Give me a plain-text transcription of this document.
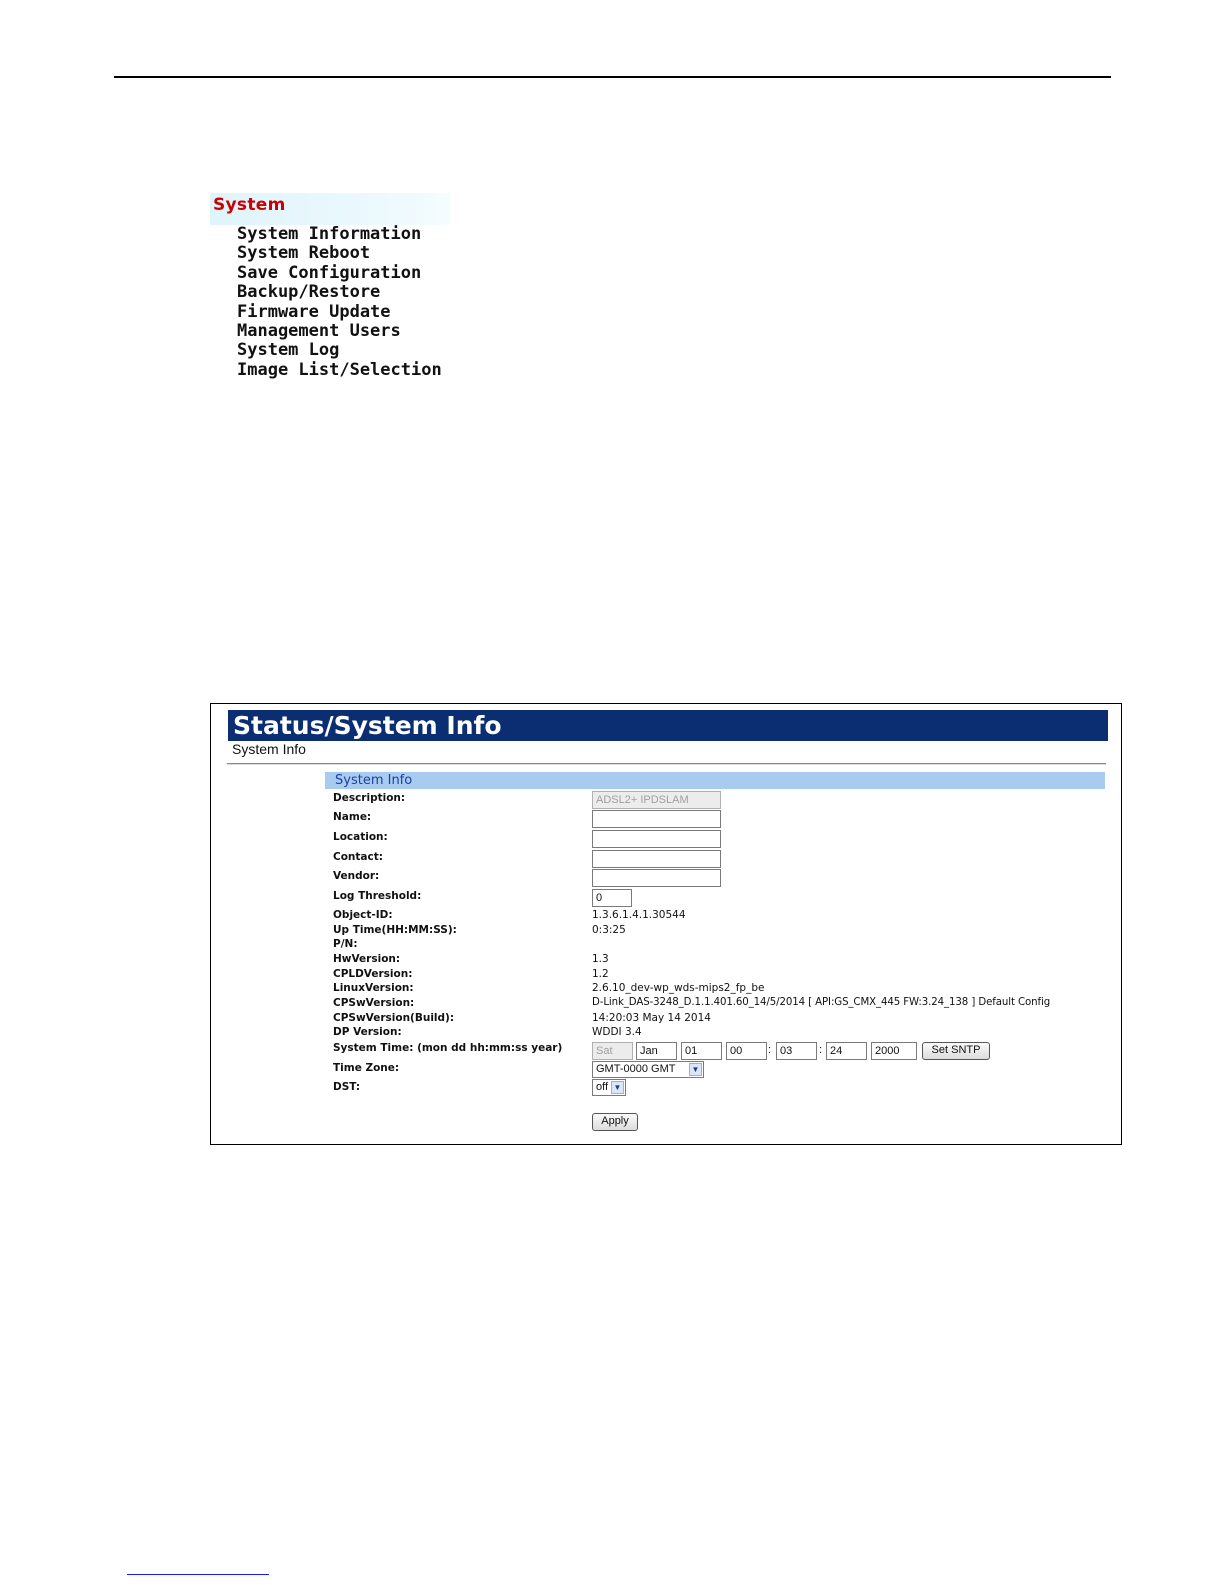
System
System Information
System Reboot
Save Configuration
Backup/Restore
Firmware Update
Management Users
System Log
Image List/Selection
Status/System Info
System Info
System Info
Description:	ADSL2+ IPDSLAM
Name:
Location:
Contact:
Vendor:
Log Threshold:	0
Object-ID:	1.3.6.1.4.1.30544
Up Time(HH:MM:SS):	0:3:25
P/N:
HwVersion:	1.3
CPLDVersion:	1.2
LinuxVersion:	2.6.10_dev-wp_wds-mips2_fp_be
CPSwVersion:	D-Link_DAS-3248_D.1.1.401.60_14/5/2014 [ API:GS_CMX_445 FW:3.24_138 ] Default Config
CPSwVersion(Build):	14:20:03 May 14 2014
DP Version:	WDDI 3.4
System Time: (mon dd hh:mm:ss year)	Sat	Jan	01	00	: 03	: 24	2000	Set SNTP
Time Zone:	GMT-0000 GMT	▼
DST:	off ▼
Apply
